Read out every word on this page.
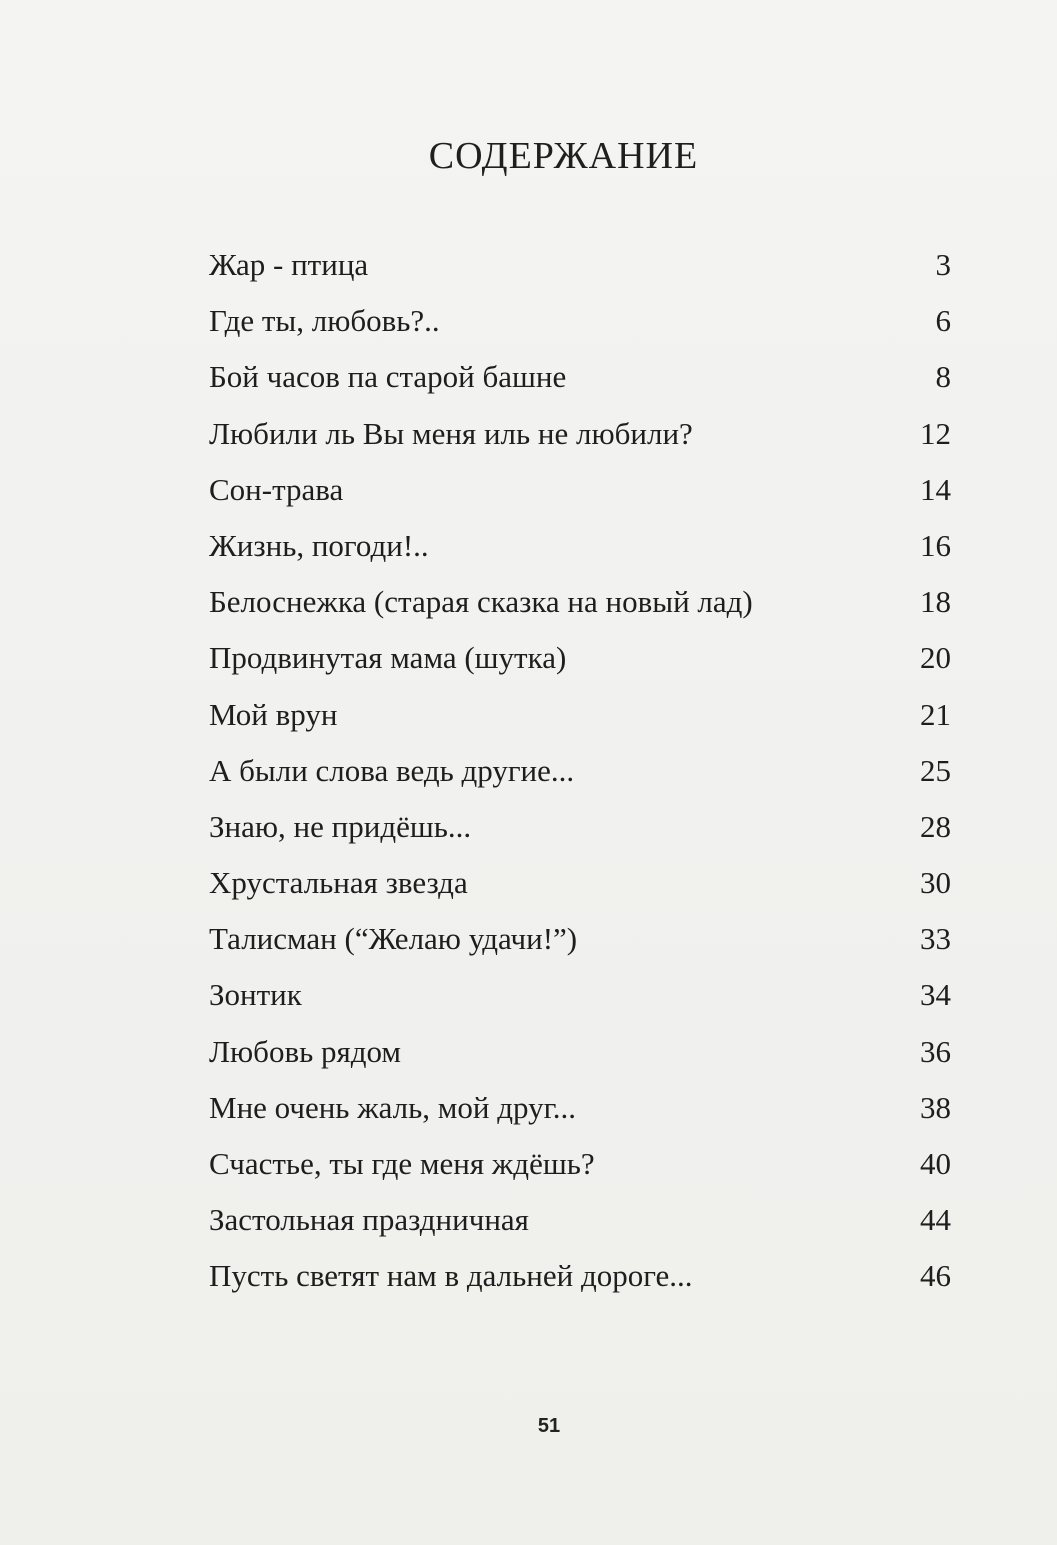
СОДЕРЖАНИЕ
Жар - птица	3
Где ты, любовь?..	6
Бой часов па старой башне	8
Любили ль Вы меня иль не любили?	12
Сон-трава	14
Жизнь, погоди!..	16
Белоснежка (старая сказка на новый лад)	18
Продвинутая мама (шутка)	20
Мой врун	21
А были слова ведь другие...	25
Знаю, не придёшь...	28
Хрустальная звезда	30
Талисман (“Желаю удачи!”)	33
Зонтик	34
Любовь рядом	36
Мне очень жаль, мой друг...	38
Счастье, ты где меня ждёшь?	40
Застольная праздничная	44
Пусть светят нам в дальней дороге...	46
51
